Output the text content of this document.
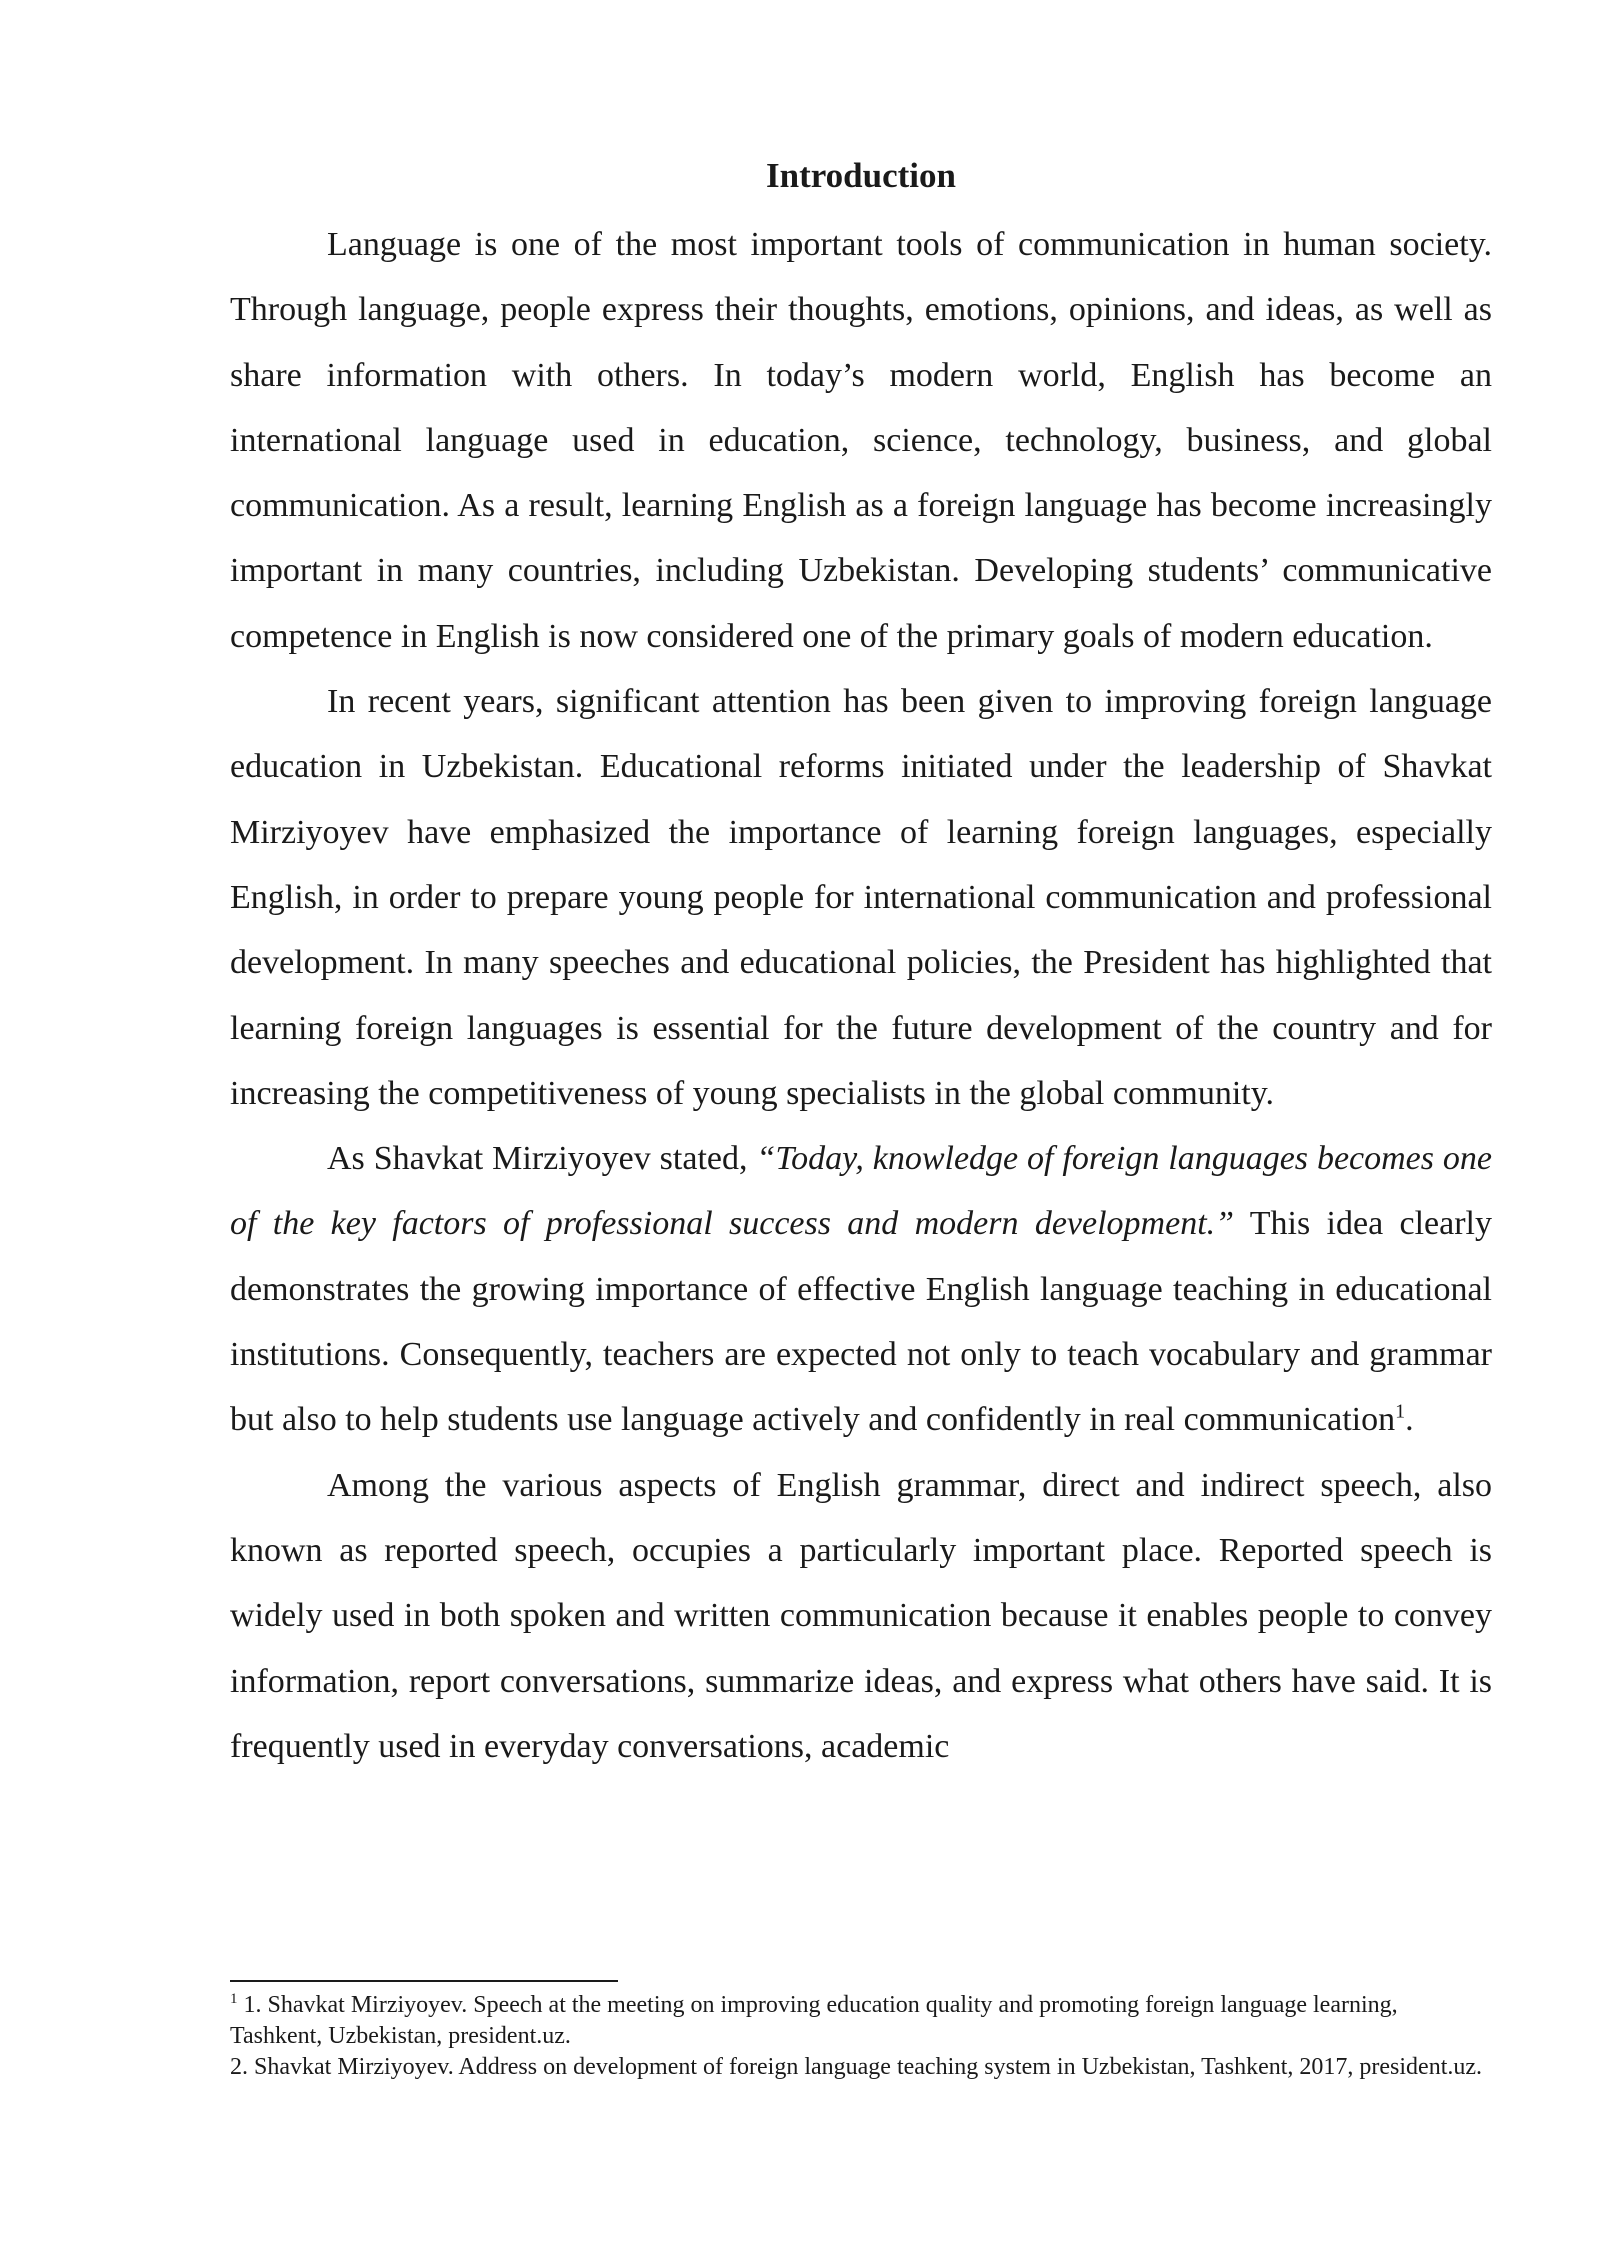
Introduction

Language is one of the most important tools of communication in human society. Through language, people express their thoughts, emotions, opinions, and ideas, as well as share information with others. In today’s modern world, English has become an international language used in education, science, technology, business, and global communication. As a result, learning English as a foreign language has become increasingly important in many countries, including Uzbekistan. Developing students’ communicative competence in English is now considered one of the primary goals of modern education.

In recent years, significant attention has been given to improving foreign language education in Uzbekistan. Educational reforms initiated under the leadership of Shavkat Mirziyoyev have emphasized the importance of learning foreign languages, especially English, in order to prepare young people for international communication and professional development. In many speeches and educational policies, the President has highlighted that learning foreign languages is essential for the future development of the country and for increasing the competitiveness of young specialists in the global community.

As Shavkat Mirziyoyev stated, “Today, knowledge of foreign languages becomes one of the key factors of professional success and modern development.” This idea clearly demonstrates the growing importance of effective English language teaching in educational institutions. Consequently, teachers are expected not only to teach vocabulary and grammar but also to help students use language actively and confidently in real communication$^1$.

Among the various aspects of English grammar, direct and indirect speech, also known as reported speech, occupies a particularly important place. Reported speech is widely used in both spoken and written communication because it enables people to convey information, report conversations, summarize ideas, and express what others have said. It is frequently used in everyday conversations, academic

$^1$ 1. Shavkat Mirziyoyev. Speech at the meeting on improving education quality and promoting foreign language learning, Tashkent, Uzbekistan, president.uz.

2. Shavkat Mirziyoyev. Address on development of foreign language teaching system in Uzbekistan, Tashkent, 2017, president.uz.
